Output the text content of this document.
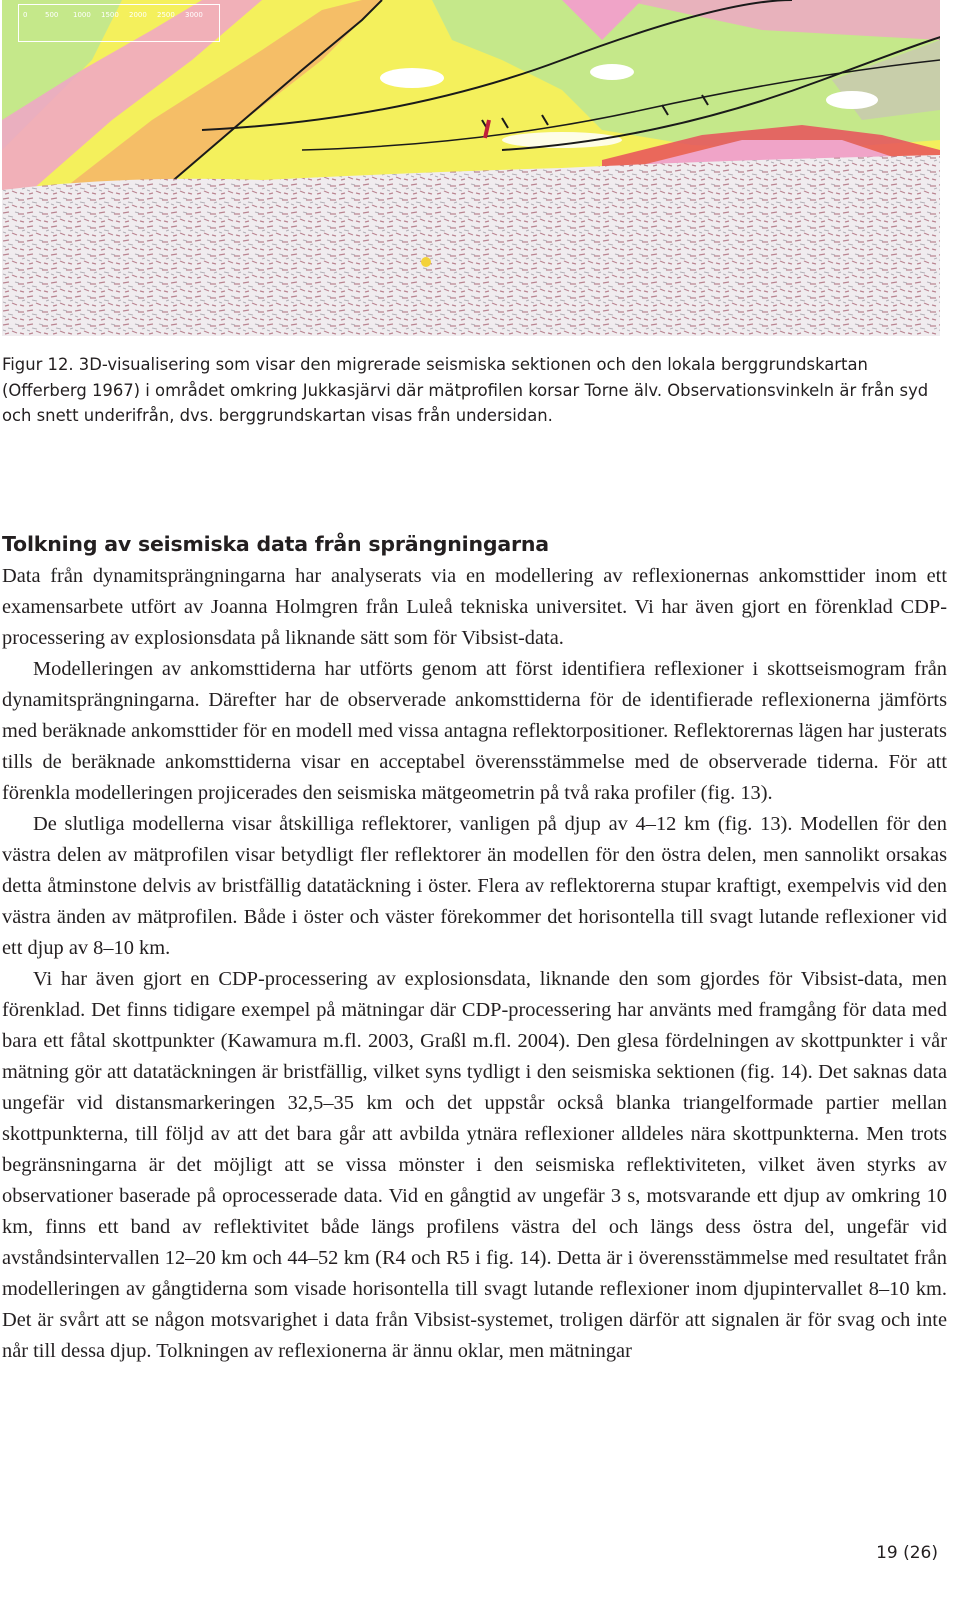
0	500 1000 1500 2000 2500 3000

Figur 12. 3D-visualisering som visar den migrerade seismiska sektionen och den lokala berggrundskartan (Offerberg 1967) i området omkring Jukkasjärvi där mätprofilen korsar Torne älv. Observationsvinkeln är från syd och snett underifrån, dvs. berggrundskartan visas från undersidan.

Tolkning av seismiska data från sprängningarna

Data från dynamitsprängningarna har analyserats via en modellering av reflexionernas ankomsttider inom ett examensarbete utfört av Joanna Holmgren från Luleå tekniska universitet. Vi har även gjort en förenklad CDP-processering av explosionsdata på liknande sätt som för Vibsist-data.

Modelleringen av ankomsttiderna har utförts genom att först identifiera reflexioner i skottseismogram från dynamitsprängningarna. Därefter har de observerade ankomsttiderna för de identifierade reflexionerna jämförts med beräknade ankomsttider för en modell med vissa antagna reflektorpositioner. Reflektorernas lägen har justerats tills de beräknade ankomsttiderna visar en acceptabel överensstämmelse med de observerade tiderna. För att förenkla modelleringen projicerades den seismiska mätgeometrin på två raka profiler (fig. 13).

De slutliga modellerna visar åtskilliga reflektorer, vanligen på djup av 4–12 km (fig. 13). Modellen för den västra delen av mätprofilen visar betydligt fler reflektorer än modellen för den östra delen, men sannolikt orsakas detta åtminstone delvis av bristfällig datatäckning i öster. Flera av reflektorerna stupar kraftigt, exempelvis vid den västra änden av mätprofilen. Både i öster och väster förekommer det horisontella till svagt lutande reflexioner vid ett djup av 8–10 km.

Vi har även gjort en CDP-processering av explosionsdata, liknande den som gjordes för Vibsist-data, men förenklad. Det finns tidigare exempel på mätningar där CDP-processering har använts med framgång för data med bara ett fåtal skottpunkter (Kawamura m.fl. 2003, Graßl m.fl. 2004). Den glesa fördelningen av skottpunkter i vår mätning gör att datatäckningen är bristfällig, vilket syns tydligt i den seismiska sektionen (fig. 14). Det saknas data ungefär vid distansmarkeringen 32,5–35 km och det uppstår också blanka triangelformade partier mellan skottpunkterna, till följd av att det bara går att avbilda ytnära reflexioner alldeles nära skottpunkterna. Men trots begränsningarna är det möjligt att se vissa mönster i den seismiska reflektiviteten, vilket även styrks av observationer baserade på oprocesserade data. Vid en gångtid av ungefär 3 s, motsvarande ett djup av omkring 10 km, finns ett band av reflektivitet både längs profilens västra del och längs dess östra del, ungefär vid avståndsintervallen 12–20 km och 44–52 km (R4 och R5 i fig. 14). Detta är i överensstämmelse med resultatet från modelleringen av gångtiderna som visade horisontella till svagt lutande reflexioner inom djupintervallet 8–10 km. Det är svårt att se någon motsvarighet i data från Vibsist-systemet, troligen därför att signalen är för svag och inte når till dessa djup. Tolkningen av reflexionerna är ännu oklar, men mätningar

19 (26)
